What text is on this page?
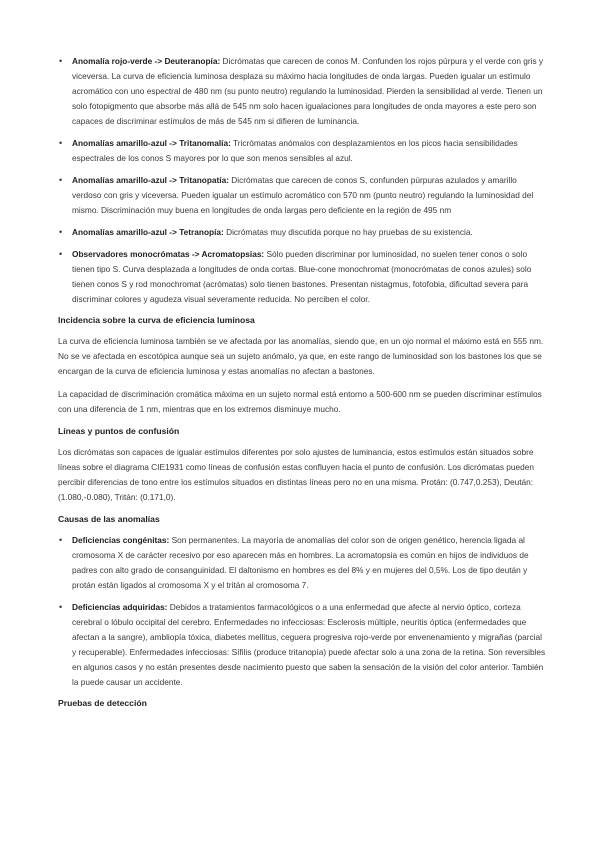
• Anomalía rojo-verde -> Deuteranopía: Dicrómatas que carecen de conos M. Confunden los rojos púrpura y el verde con gris y viceversa. La curva de eficiencia luminosa desplaza su máximo hacia longitudes de onda largas. Pueden igualar un estímulo acromático con uno espectral de 480 nm (su punto neutro) regulando la luminosidad. Pierden la sensibilidad al verde. Tienen un solo fotopigmento que absorbe más allá de 545 nm solo hacen igualaciones para longitudes de onda mayores a este pero son capaces de discriminar estímulos de más de 545 nm si difieren de luminancia.
• Anomalías amarillo-azul -> Tritanomalía: Tricrómatas anómalos con desplazamientos en los picos hacia sensibilidades espectrales de los conos S mayores por lo que son menos sensibles al azul.
• Anomalías amarillo-azul -> Tritanopatía: Dicrómatas que carecen de conos S, confunden púrpuras azulados y amarillo verdoso con gris y viceversa. Pueden igualar un estímulo acromático con 570 nm (punto neutro) regulando la luminosidad del mismo. Discriminación muy buena en longitudes de onda largas pero deficiente en la región de 495 nm
• Anomalías amarillo-azul -> Tetranopía: Dicrómatas muy discutida porque no hay pruebas de su existencia.
• Observadores monocrómatas -> Acromatopsias: Sólo pueden discriminar por luminosidad, no suelen tener conos o solo tienen tipo S. Curva desplazada a longitudes de onda cortas. Blue-cone monochromat (monocrómatas de conos azules) solo tienen conos S y rod monochromat (acrómatas) solo tienen bastones. Presentan nistagmus, fotofobia, dificultad severa para discriminar colores y agudeza visual severamente reducida. No perciben el color.
Incidencia sobre la curva de eficiencia luminosa

La curva de eficiencia luminosa también se ve afectada por las anomalías, siendo que, en un ojo normal el máximo está en 555 nm. No se ve afectada en escotópica aunque sea un sujeto anómalo, ya que, en este rango de luminosidad son los bastones los que se encargan de la curva de eficiencia luminosa y estas anomalías no afectan a bastones.

La capacidad de discriminación cromática máxima en un sujeto normal está entorno a 500-600 nm se pueden discriminar estímulos con una diferencia de 1 nm, mientras que en los extremos disminuye mucho.

Líneas y puntos de confusión

Los dicrómatas son capaces de igualar estímulos diferentes por solo ajustes de luminancia, estos estímulos están situados sobre líneas sobre el diagrama CIE1931 como líneas de confusión estas confluyen hacia el punto de confusión. Los dicrómatas pueden percibir diferencias de tono entre los estímulos situados en distintas líneas pero no en una misma. Protán: (0.747,0.253), Deután: (1.080,-0.080), Tritán: (0.171,0).

Causas de las anomalías
• Deficiencias congénitas: Son permanentes. La mayoría de anomalías del color son de origen genético, herencia ligada al cromosoma X de carácter recesivo por eso aparecen más en hombres. La acromatopsia es común en hijos de individuos de padres con alto grado de consanguinidad. El daltonismo en hombres es del 8% y en mujeres del 0,5%. Los de tipo deután y protán están ligados al cromosoma X y el tritán al cromosoma 7.
• Deficiencias adquiridas: Debidos a tratamientos farmacológicos o a una enfermedad que afecte al nervio óptico, corteza cerebral o lóbulo occipital del cerebro. Enfermedades no infecciosas: Esclerosis múltiple, neuritis óptica (enfermedades que afectan a la sangre), ambliopía tóxica, diabetes mellitus, ceguera progresiva rojo-verde por envenenamiento y migrañas (parcial y recuperable). Enfermedades infecciosas: Sífilis (produce tritanopía) puede afectar solo a una zona de la retina. Son reversibles en algunos casos y no están presentes desde nacimiento puesto que saben la sensación de la visión del color anterior. También la puede causar un accidente.
Pruebas de detección
